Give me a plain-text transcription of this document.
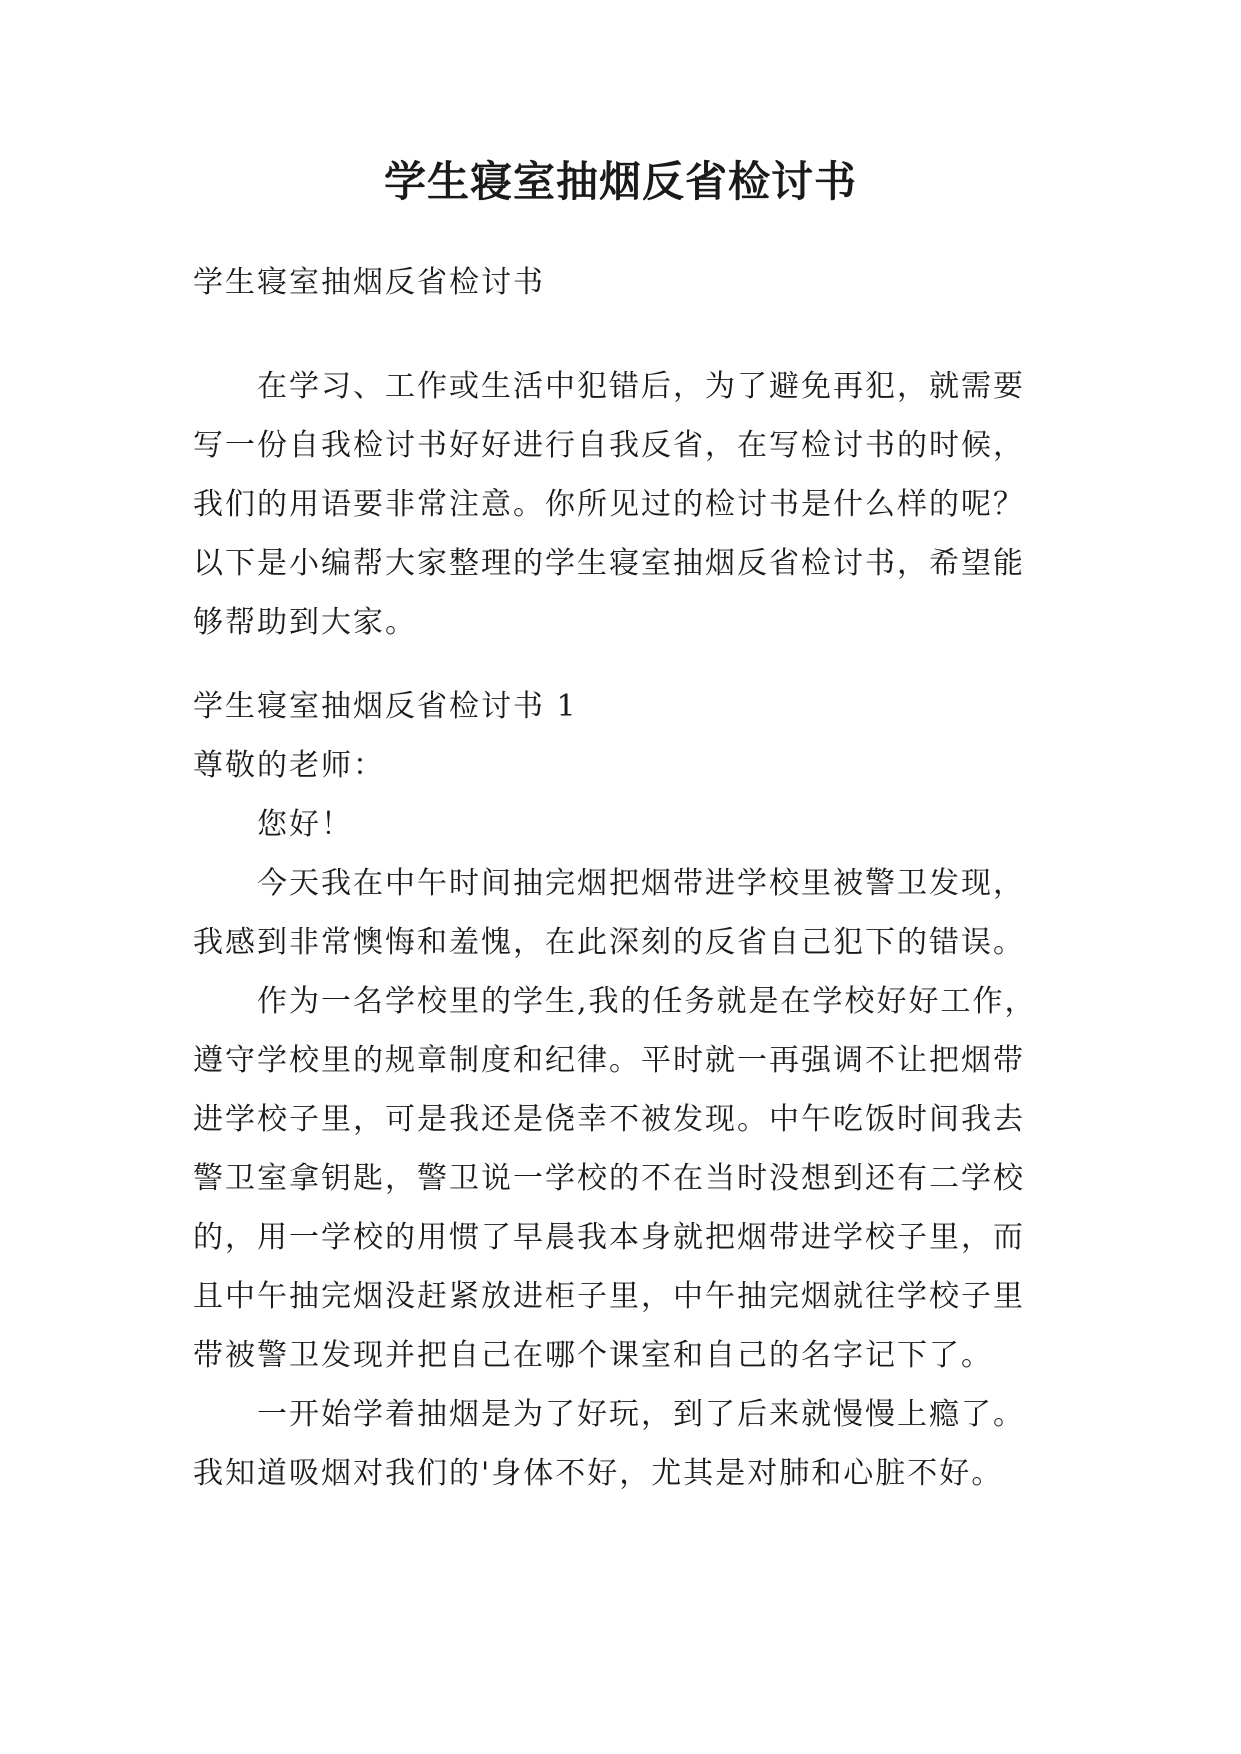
学生寝室抽烟反省检讨书
学生寝室抽烟反省检讨书
在学习、工作或生活中犯错后，为了避免再犯，就需要
写一份自我检讨书好好进行自我反省，在写检讨书的时候，
我们的用语要非常注意。你所见过的检讨书是什么样的呢？
以下是小编帮大家整理的学生寝室抽烟反省检讨书，希望能
够帮助到大家。
学生寝室抽烟反省检讨书 1
尊敬的老师：
您好！
今天我在中午时间抽完烟把烟带进学校里被警卫发现，
我感到非常懊悔和羞愧，在此深刻的反省自己犯下的错误。
作为一名学校里的学生,我的任务就是在学校好好工作，
遵守学校里的规章制度和纪律。平时就一再强调不让把烟带
进学校子里，可是我还是侥幸不被发现。中午吃饭时间我去
警卫室拿钥匙，警卫说一学校的不在当时没想到还有二学校
的，用一学校的用惯了早晨我本身就把烟带进学校子里，而
且中午抽完烟没赶紧放进柜子里，中午抽完烟就往学校子里
带被警卫发现并把自己在哪个课室和自己的名字记下了。
一开始学着抽烟是为了好玩，到了后来就慢慢上瘾了。
我知道吸烟对我们的'身体不好，尤其是对肺和心脏不好。
